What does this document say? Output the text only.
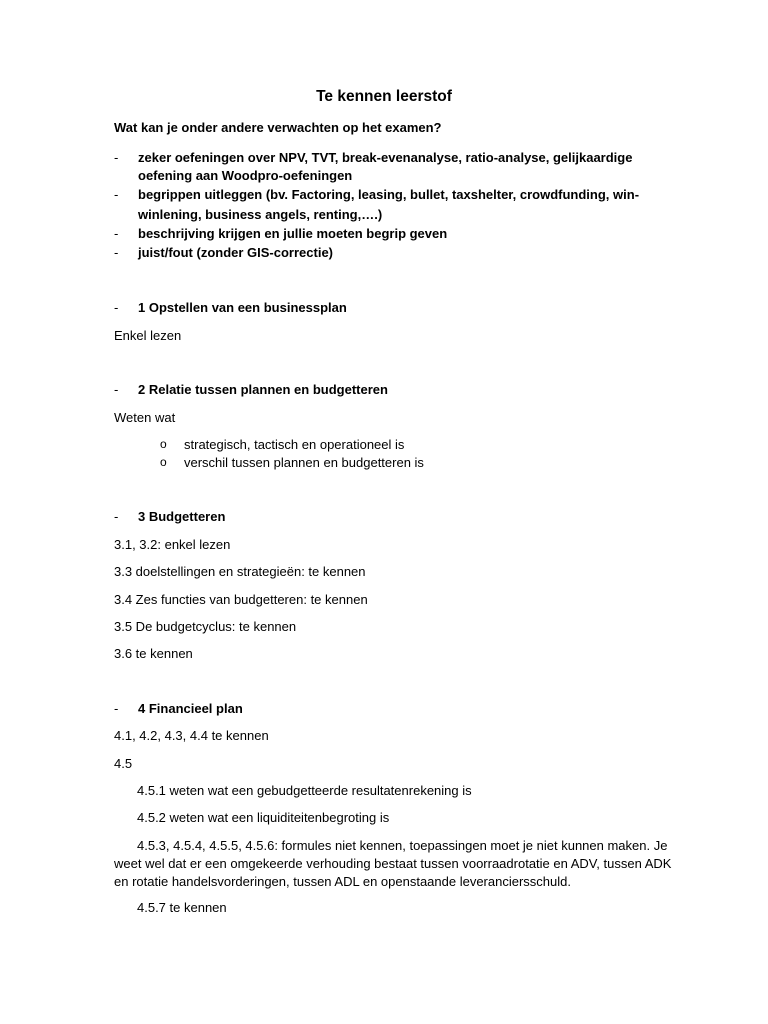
Te kennen leerstof
Wat kan je onder andere verwachten op het examen?
- zeker oefeningen over NPV, TVT, break-evenanalyse, ratio-analyse, gelijkaardige
oefening aan Woodpro-oefeningen
- begrippen uitleggen (bv. Factoring, leasing, bullet, taxshelter, crowdfunding, win-
winlening, business angels, renting,….)
- beschrijving krijgen en jullie moeten begrip geven
- juist/fout (zonder GIS-correctie)
- 1 Opstellen van een businessplan
Enkel lezen
- 2 Relatie tussen plannen en budgetteren
Weten wat
o strategisch, tactisch en operationeel is
o verschil tussen plannen en budgetteren is
- 3 Budgetteren
3.1, 3.2: enkel lezen
3.3 doelstellingen en strategieën: te kennen
3.4 Zes functies van budgetteren: te kennen
3.5 De budgetcyclus: te kennen
3.6 te kennen
- 4 Financieel plan
4.1, 4.2, 4.3, 4.4 te kennen
4.5
4.5.1 weten wat een gebudgetteerde resultatenrekening is
4.5.2 weten wat een liquiditeitenbegroting is
4.5.3, 4.5.4, 4.5.5, 4.5.6: formules niet kennen, toepassingen moet je niet kunnen maken. Je
weet wel dat er een omgekeerde verhouding bestaat tussen voorraadrotatie en ADV, tussen ADK
en rotatie handelsvorderingen, tussen ADL en openstaande leveranciersschuld.
4.5.7 te kennen
